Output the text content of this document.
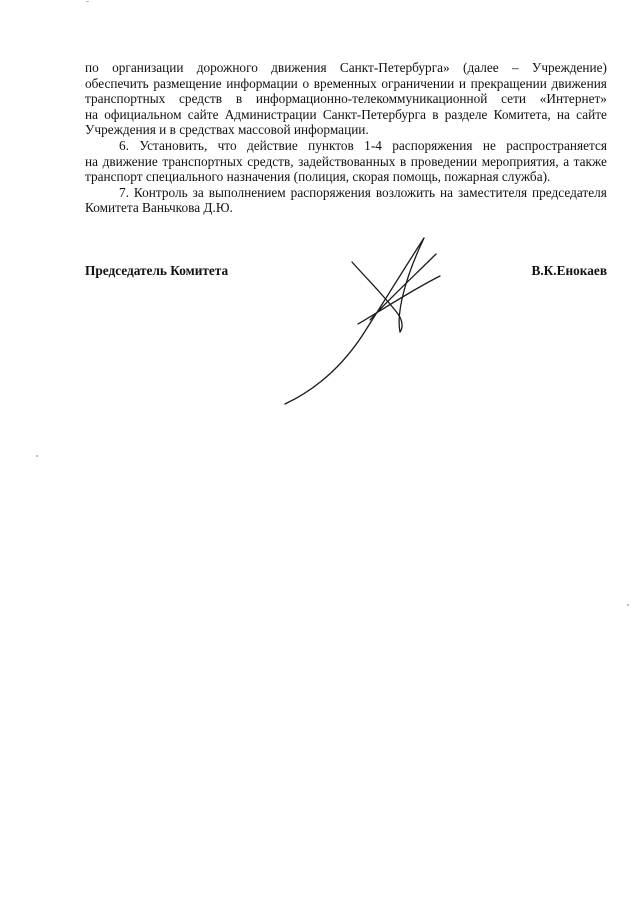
по организации дорожного движения Санкт-Петербурга» (далее – Учреждение)
обеспечить размещение информации о временных ограничении и прекращении движения
транспортных средств в информационно-телекоммуникационной сети «Интернет»
на официальном сайте Администрации Санкт-Петербурга в разделе Комитета, на сайте
Учреждения и в средствах массовой информации.
6. Установить, что действие пунктов 1-4 распоряжения не распространяется
на движение транспортных средств, задействованных в проведении мероприятия, а также
транспорт специального назначения (полиция, скорая помощь, пожарная служба).
7. Контроль за выполнением распоряжения возложить на заместителя председателя
Комитета Ваньчкова Д.Ю.
Председатель Комитета	В.К.Енокаев
